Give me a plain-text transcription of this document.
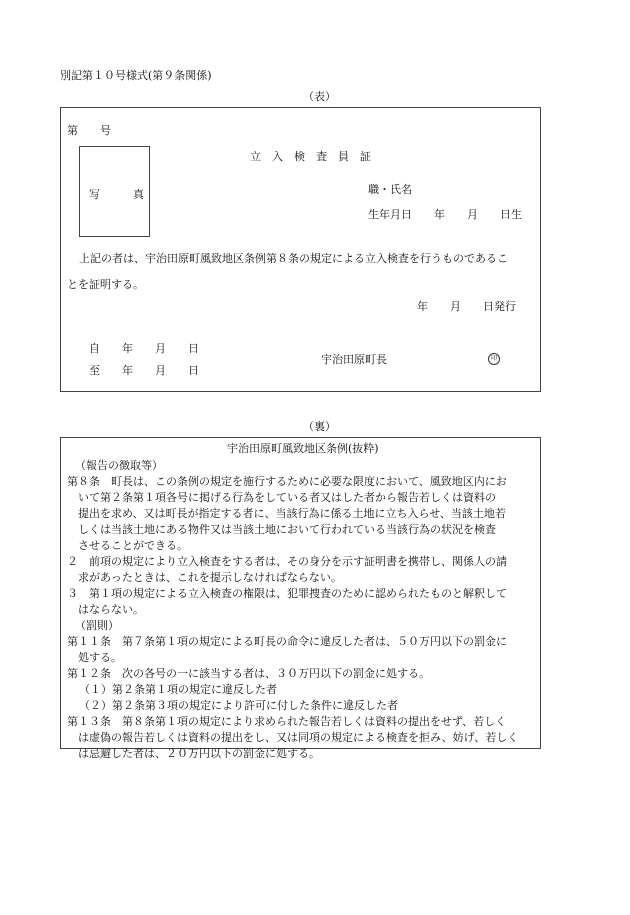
別記第１０号様式(第９条関係)
（表）
第　　号
立　入　検　査　員　証
写　　　真	職・氏名
生年月日　　年　　月　　日生
上記の者は、宇治田原町風致地区条例第８条の規定による立入検査を行うものであるこ
とを証明する。
年　　月　　日発行
自　　年　　月　　日
至　　年　　月　　日
宇治田原町長	印
（裏）
宇治田原町風致地区条例(抜粋)
（報告の徴取等）
第８条　町長は、この条例の規定を施行するために必要な限度において、風致地区内にお
いて第２条第１項各号に掲げる行為をしている者又はした者から報告若しくは資料の
提出を求め、又は町長が指定する者に、当該行為に係る土地に立ち入らせ、当該土地若
しくは当該土地にある物件又は当該土地において行われている当該行為の状況を検査
させることができる。
２　前項の規定により立入検査をする者は、その身分を示す証明書を携帯し、関係人の請
求があったときは、これを提示しなければならない。
３　第１項の規定による立入検査の権限は、犯罪捜査のために認められたものと解釈して
はならない。
（罰則）
第１１条　第７条第１項の規定による町長の命令に違反した者は、５０万円以下の罰金に
処する。
第１２条　次の各号の一に該当する者は、３０万円以下の罰金に処する。
（１）第２条第１項の規定に違反した者
（２）第２条第３項の規定により許可に付した条件に違反した者
第１３条　第８条第１項の規定により求められた報告若しくは資料の提出をせず、若しく
は虚偽の報告若しくは資料の提出をし、又は同項の規定による検査を拒み、妨げ、若しく
は忌避した者は、２０万円以下の罰金に処する。
